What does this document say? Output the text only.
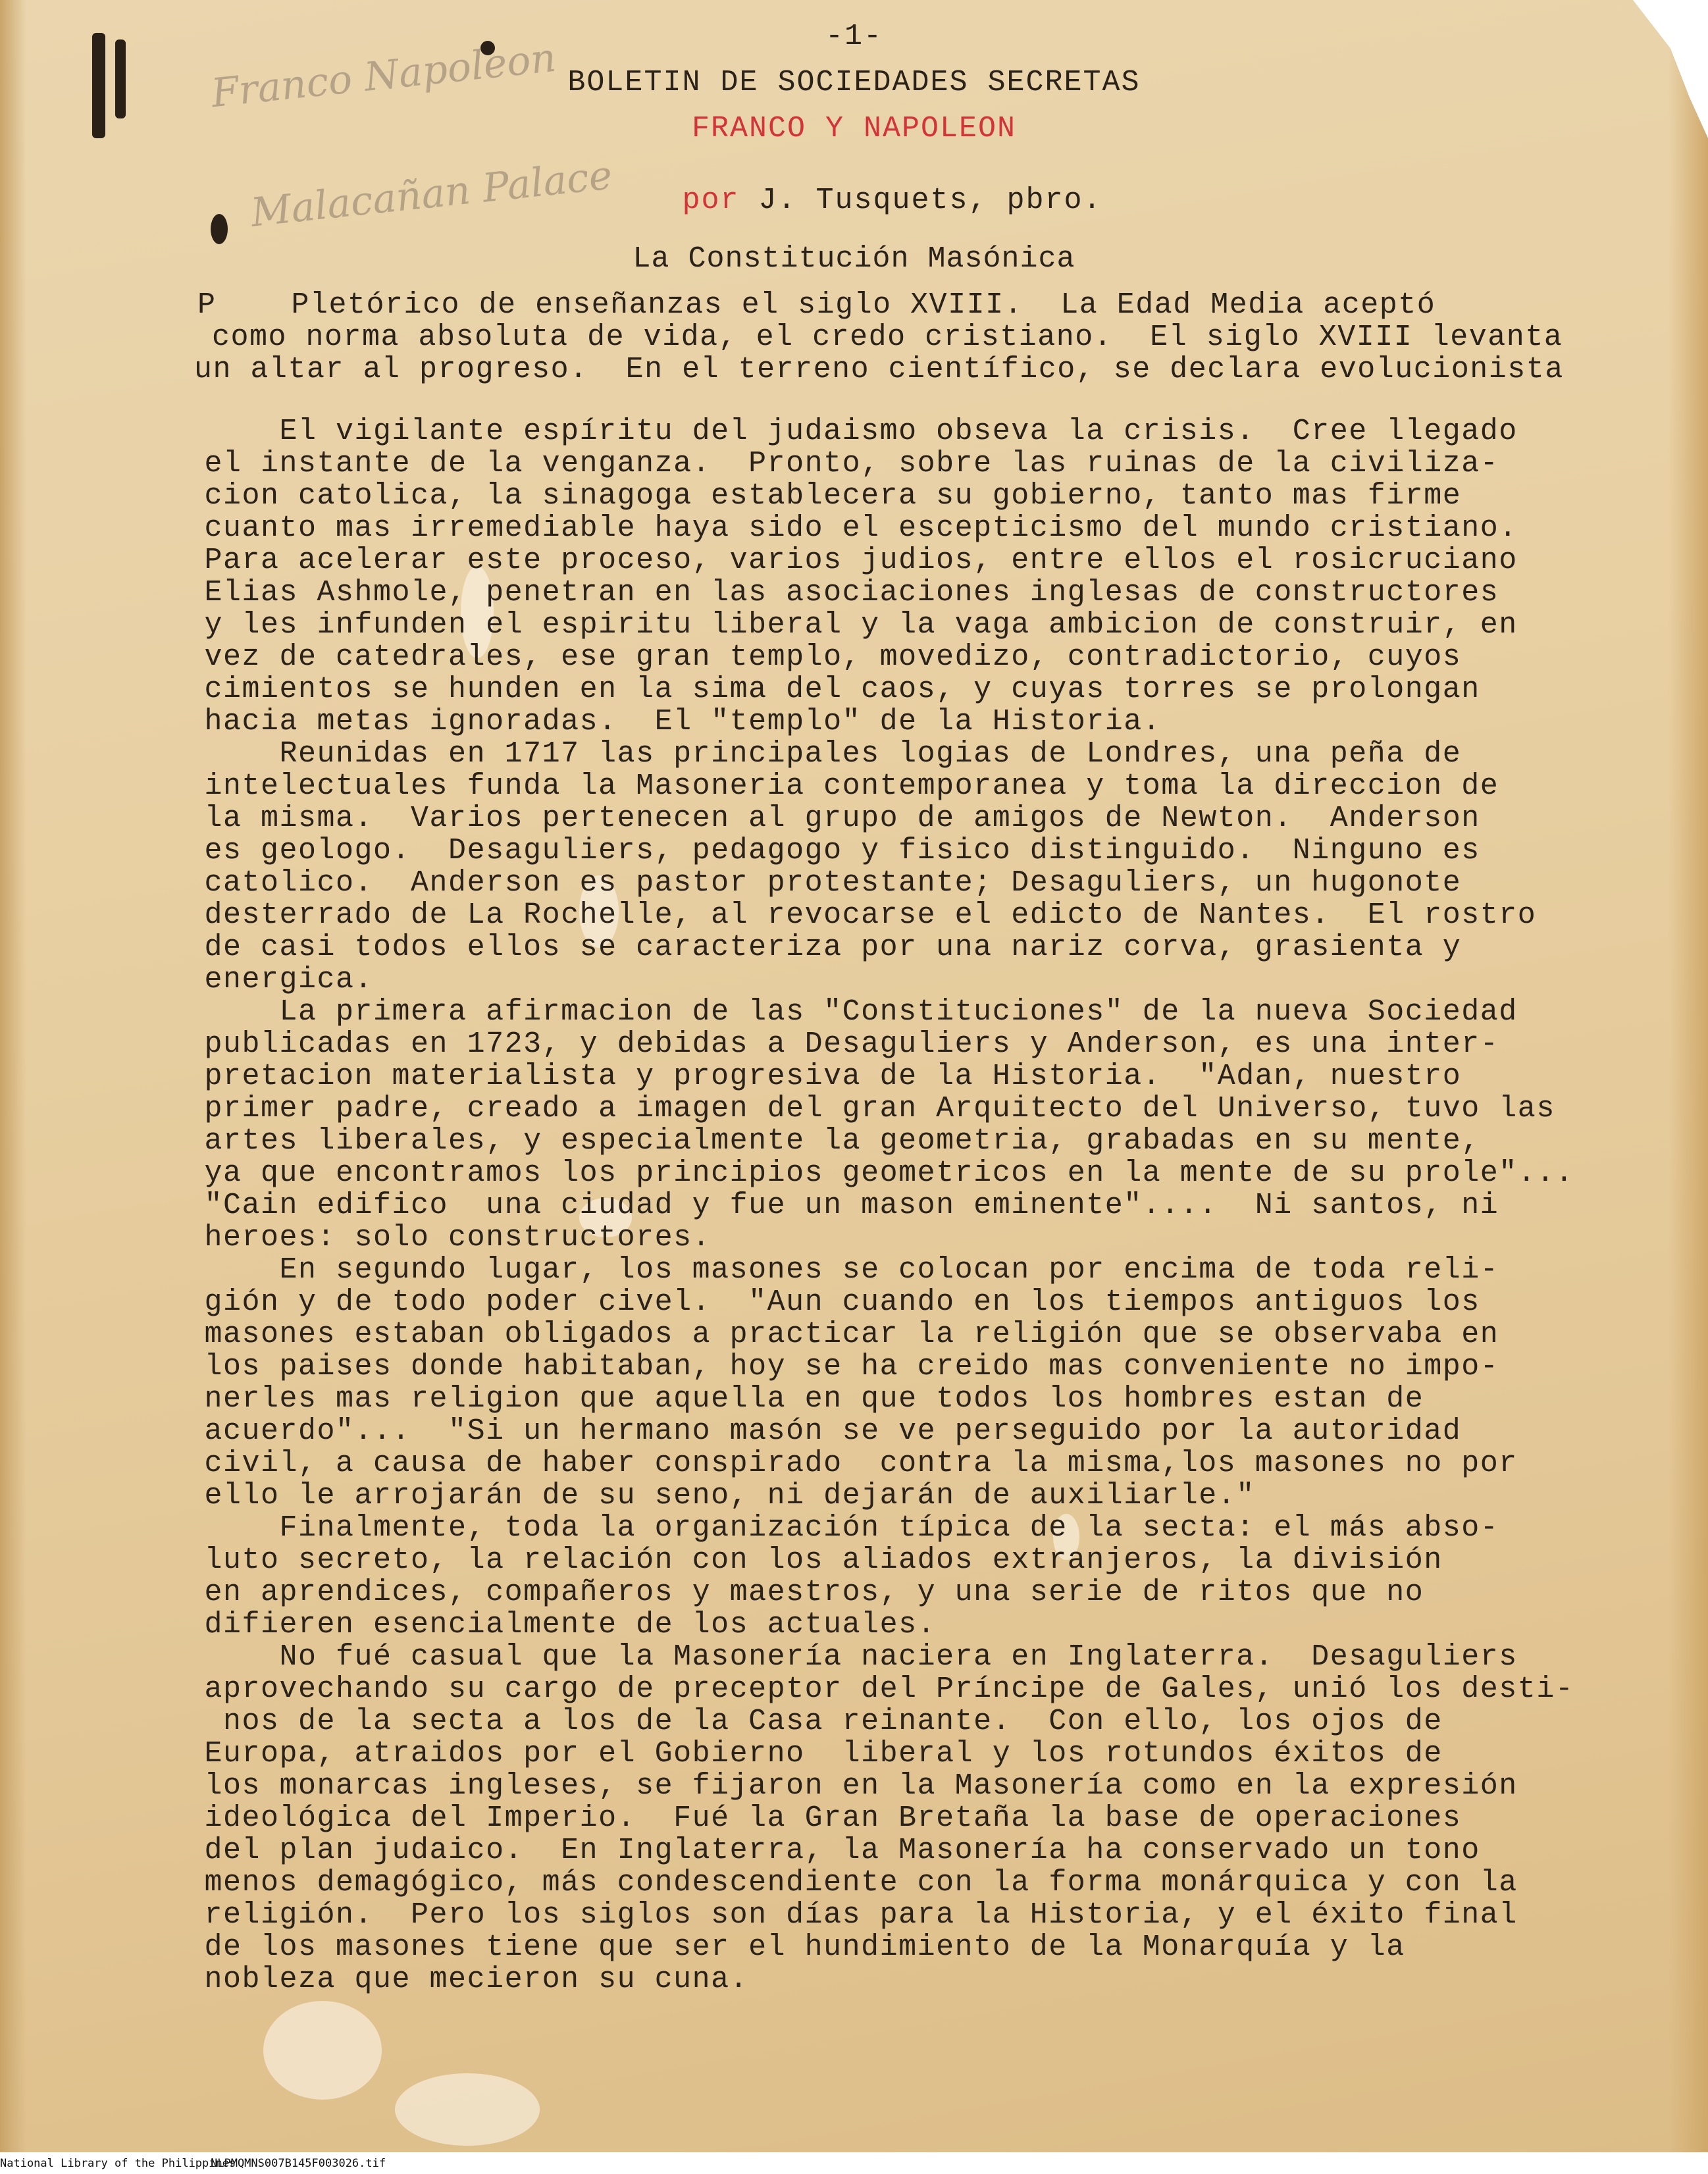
Franco Napoleon
Malacañan Palace
-1-
BOLETIN DE SOCIEDADES SECRETAS
FRANCO Y NAPOLEON

por J. Tusquets, pbro.

La Constitución Masónica
P    Pletórico de enseñanzas el siglo XVIII.  La Edad Media aceptó
como norma absoluta de vida, el credo cristiano.  El siglo XVIII levanta
un altar al progreso.  En el terreno científico, se declara evolucionista
El vigilante espíritu del judaismo obseva la crisis.  Cree llegado
el instante de la venganza.  Pronto, sobre las ruinas de la civiliza-
cion catolica, la sinagoga establecera su gobierno, tanto mas firme
cuanto mas irremediable haya sido el escepticismo del mundo cristiano.
Para acelerar este proceso, varios judios, entre ellos el rosicruciano
Elias Ashmole, penetran en las asociaciones inglesas de constructores
y les infunden el espiritu liberal y la vaga ambicion de construir, en
vez de catedrales, ese gran templo, movedizo, contradictorio, cuyos
cimientos se hunden en la sima del caos, y cuyas torres se prolongan
hacia metas ignoradas.  El "templo" de la Historia.
Reunidas en 1717 las principales logias de Londres, una peña de
intelectuales funda la Masoneria contemporanea y toma la direccion de
la misma.  Varios pertenecen al grupo de amigos de Newton.  Anderson
es geologo.  Desaguliers, pedagogo y fisico distinguido.  Ninguno es
catolico.  Anderson es pastor protestante; Desaguliers, un hugonote
desterrado de La Rochelle, al revocarse el edicto de Nantes.  El rostro
de casi todos ellos se caracteriza por una nariz corva, grasienta y
energica.
La primera afirmacion de las "Constituciones" de la nueva Sociedad
publicadas en 1723, y debidas a Desaguliers y Anderson, es una inter-
pretacion materialista y progresiva de la Historia.  "Adan, nuestro
primer padre, creado a imagen del gran Arquitecto del Universo, tuvo las
artes liberales, y especialmente la geometria, grabadas en su mente,
ya que encontramos los principios geometricos en la mente de su prole"...
"Cain edifico  una ciudad y fue un mason eminente"....  Ni santos, ni
heroes: solo constructores.
En segundo lugar, los masones se colocan por encima de toda reli-
gión y de todo poder civel.  "Aun cuando en los tiempos antiguos los
masones estaban obligados a practicar la religión que se observaba en
los paises donde habitaban, hoy se ha creido mas conveniente no impo-
nerles mas religion que aquella en que todos los hombres estan de
acuerdo"...  "Si un hermano masón se ve perseguido por la autoridad
civil, a causa de haber conspirado  contra la misma,los masones no por
ello le arrojarán de su seno, ni dejarán de auxiliarle."
Finalmente, toda la organización típica de la secta: el más abso-
luto secreto, la relación con los aliados extranjeros, la división
en aprendices, compañeros y maestros, y una serie de ritos que no
difieren esencialmente de los actuales.
No fué casual que la Masonería naciera en Inglaterra.  Desaguliers
aprovechando su cargo de preceptor del Príncipe de Gales, unió los desti-
nos de la secta a los de la Casa reinante.  Con ello, los ojos de
Europa, atraidos por el Gobierno  liberal y los rotundos éxitos de
los monarcas ingleses, se fijaron en la Masonería como en la expresión
ideológica del Imperio.  Fué la Gran Bretaña la base de operaciones
del plan judaico.  En Inglaterra, la Masonería ha conservado un tono
menos demagógico, más condescendiente con la forma monárquica y con la
religión.  Pero los siglos son días para la Historia, y el éxito final
de los masones tiene que ser el hundimiento de la Monarquía y la
nobleza que mecieron su cuna.
National Library of the Philippines
NLPMQMNS007B145F003026.tif
